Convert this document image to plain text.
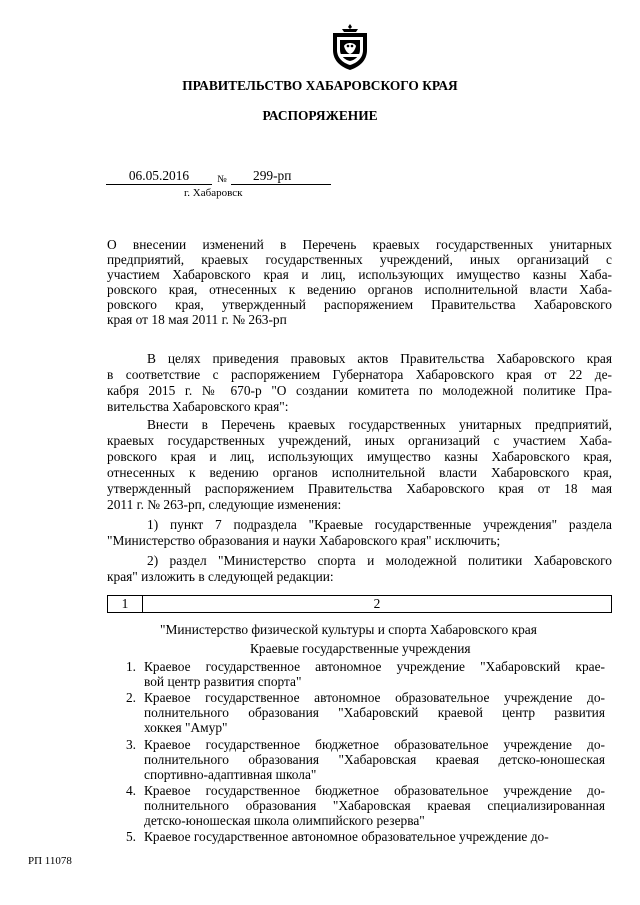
ПРАВИТЕЛЬСТВО ХАБАРОВСКОГО КРАЯ
РАСПОРЯЖЕНИЕ
06.05.2016	№	299-рп
г. Хабаровск
О внесении изменений в Перечень краевых государственных унитарных
предприятий, краевых государственных учреждений, иных организаций с
участием Хабаровского края и лиц, использующих имущество казны Хаба-
ровского края, отнесенных к ведению органов исполнительной власти Хаба-
ровского края, утвержденный распоряжением Правительства Хабаровского
края от 18 мая 2011 г. № 263-рп
В целях приведения правовых актов Правительства Хабаровского края
в соответствие с распоряжением Губернатора Хабаровского края от 22 де-
кабря 2015 г. № 670-р "О создании комитета по молодежной политике Пра-
вительства Хабаровского края":
Внести в Перечень краевых государственных унитарных предприятий,
краевых государственных учреждений, иных организаций с участием Хаба-
ровского края и лиц, использующих имущество казны Хабаровского края,
отнесенных к ведению органов исполнительной власти Хабаровского края,
утвержденный распоряжением Правительства Хабаровского края от 18 мая
2011 г. № 263-рп, следующие изменения:
1) пункт 7 подраздела "Краевые государственные учреждения" раздела
"Министерство образования и науки Хабаровского края" исключить;
2) раздел "Министерство спорта и молодежной политики Хабаровского
края" изложить в следующей редакции:
1	2
"Министерство физической культуры и спорта Хабаровского края
Краевые государственные учреждения
1. Краевое государственное автономное учреждение "Хабаровский крае-
вой центр развития спорта"
2. Краевое государственное автономное образовательное учреждение до-
полнительного образования "Хабаровский краевой центр развития
хоккея "Амур"
3. Краевое государственное бюджетное образовательное учреждение до-
полнительного образования "Хабаровская краевая детско-юношеская
спортивно-адаптивная школа"
4. Краевое государственное бюджетное образовательное учреждение до-
полнительного образования "Хабаровская краевая специализированная
детско-юношеская школа олимпийского резерва"
5. Краевое государственное автономное образовательное учреждение до-
РП 11078
